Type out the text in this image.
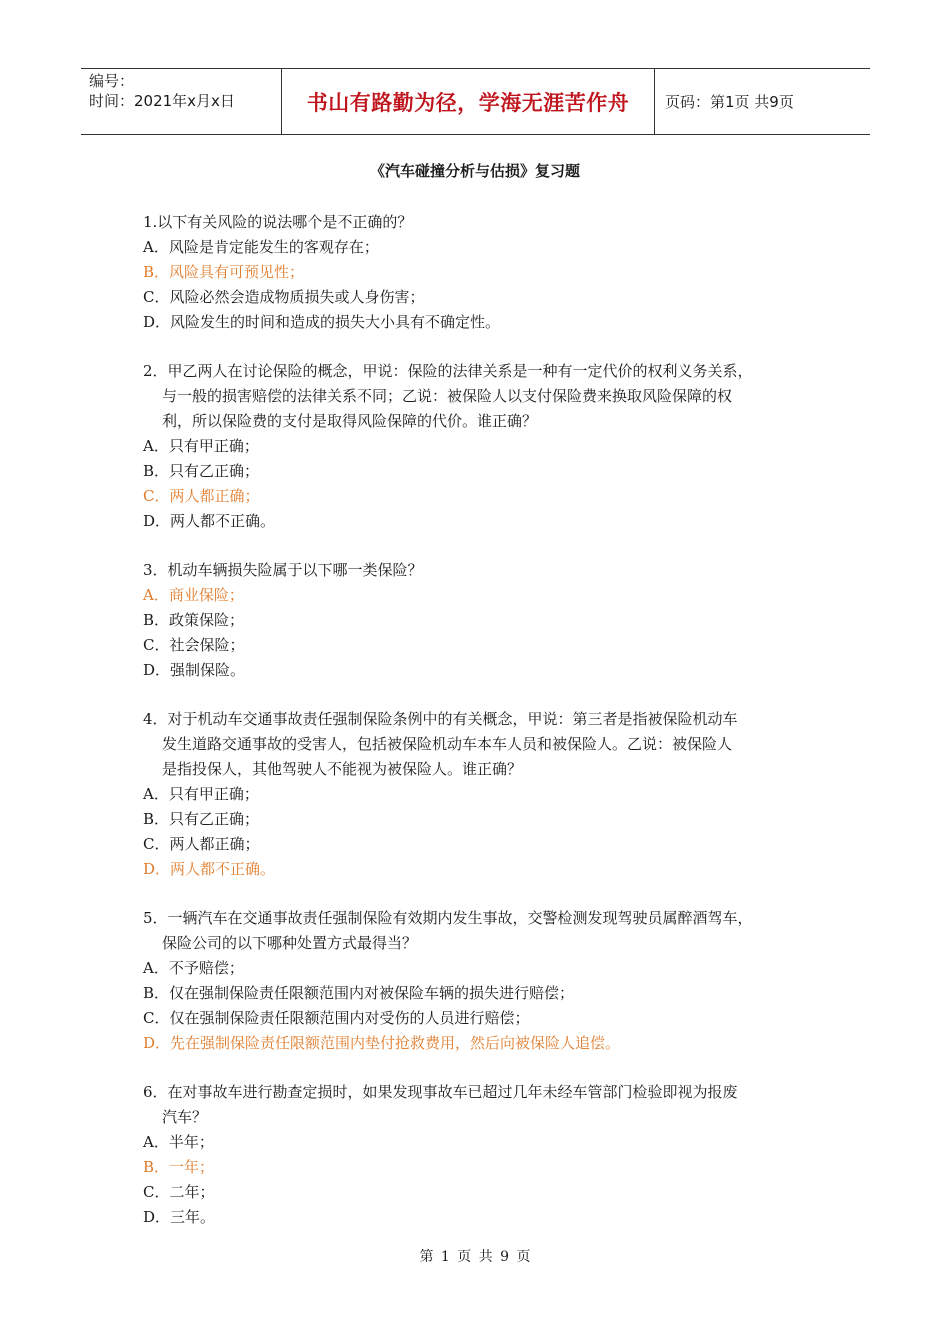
编号：
时间：2021年x月x日	书山有路勤为径，学海无涯苦作舟 页码：第1页 共9页
《汽车碰撞分析与估损》复习题
1.以下有关风险的说法哪个是不正确的？
A．风险是肯定能发生的客观存在；
B．风险具有可预见性；
C．风险必然会造成物质损失或人身伤害；
D．风险发生的时间和造成的损失大小具有不确定性。
2．甲乙两人在讨论保险的概念，甲说：保险的法律关系是一种有一定代价的权利义务关系，
与一般的损害赔偿的法律关系不同；乙说：被保险人以支付保险费来换取风险保障的权
利，所以保险费的支付是取得风险保障的代价。谁正确？
A．只有甲正确；
B．只有乙正确；
C．两人都正确；
D．两人都不正确。
3．机动车辆损失险属于以下哪一类保险？
A．商业保险；
B．政策保险；
C．社会保险；
D．强制保险。
4．对于机动车交通事故责任强制保险条例中的有关概念，甲说：第三者是指被保险机动车
发生道路交通事故的受害人，包括被保险机动车本车人员和被保险人。乙说：被保险人
是指投保人，其他驾驶人不能视为被保险人。谁正确？
A．只有甲正确；
B．只有乙正确；
C．两人都正确；
D．两人都不正确。
5．一辆汽车在交通事故责任强制保险有效期内发生事故，交警检测发现驾驶员属醉酒驾车，
保险公司的以下哪种处置方式最得当？
A．不予赔偿；
B．仅在强制保险责任限额范围内对被保险车辆的损失进行赔偿；
C．仅在强制保险责任限额范围内对受伤的人员进行赔偿；
D．先在强制保险责任限额范围内垫付抢救费用，然后向被保险人追偿。
6．在对事故车进行勘查定损时，如果发现事故车已超过几年未经车管部门检验即视为报废
汽车？
A．半年；
B．一年；
C．二年；
D．三年。
第 1 页 共 9 页
